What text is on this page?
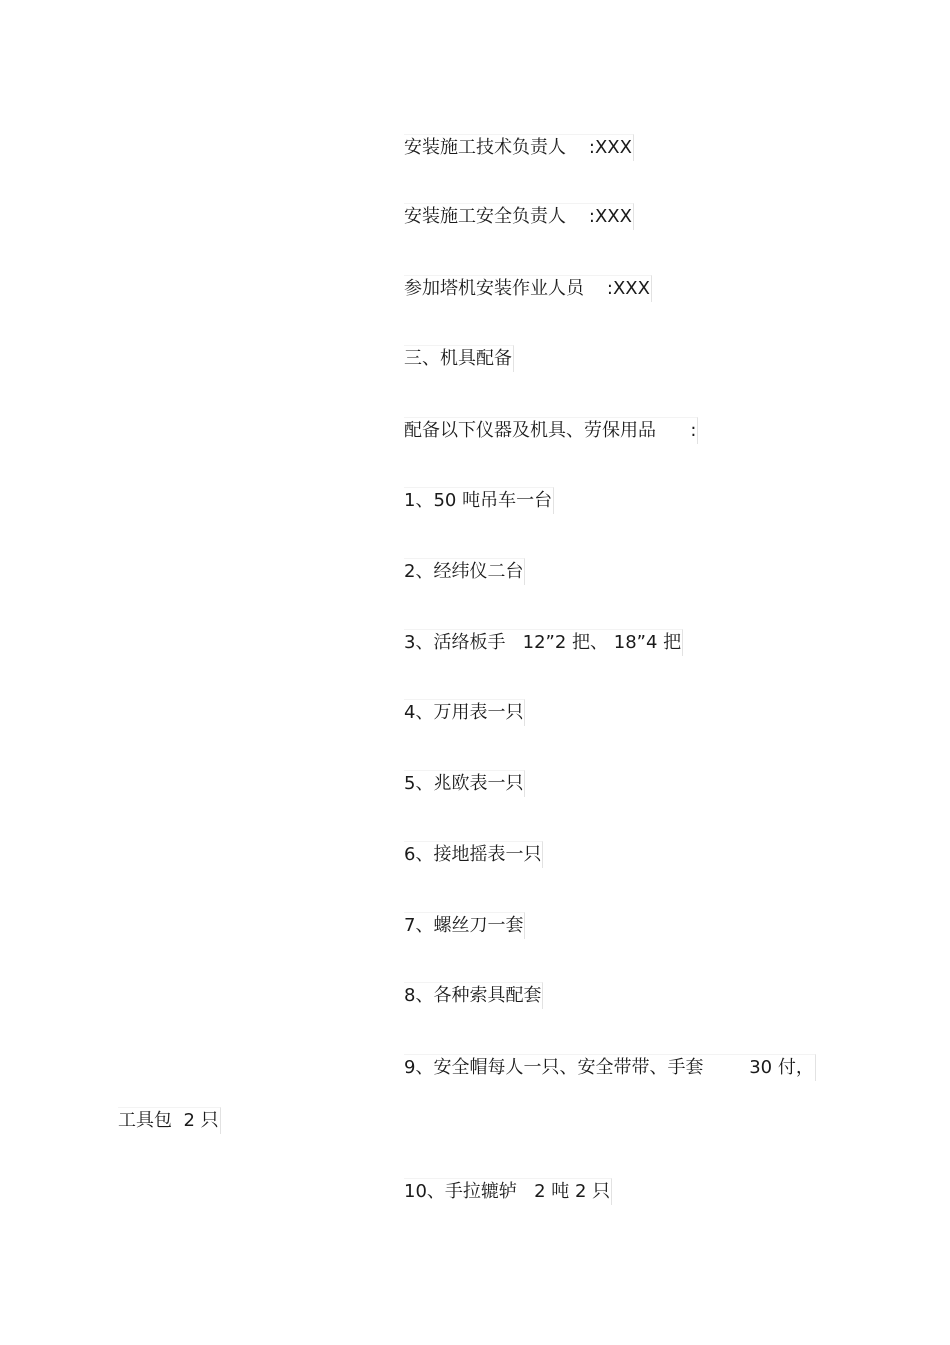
安装施工技术负责人    :XXX
安装施工安全负责人    :XXX
参加塔机安装作业人员    :XXX
三、机具配备
配备以下仪器及机具、劳保用品      :
1、50 吨吊车一台
2、经纬仪二台
3、活络板手   12”2 把、 18”4 把
4、万用表一只
5、兆欧表一只
6、接地摇表一只
7、螺丝刀一套
8、各种索具配套
9、安全帽每人一只、安全带带、手套        30 付，
工具包  2 只
10、手拉辘轳   2 吨 2 只
